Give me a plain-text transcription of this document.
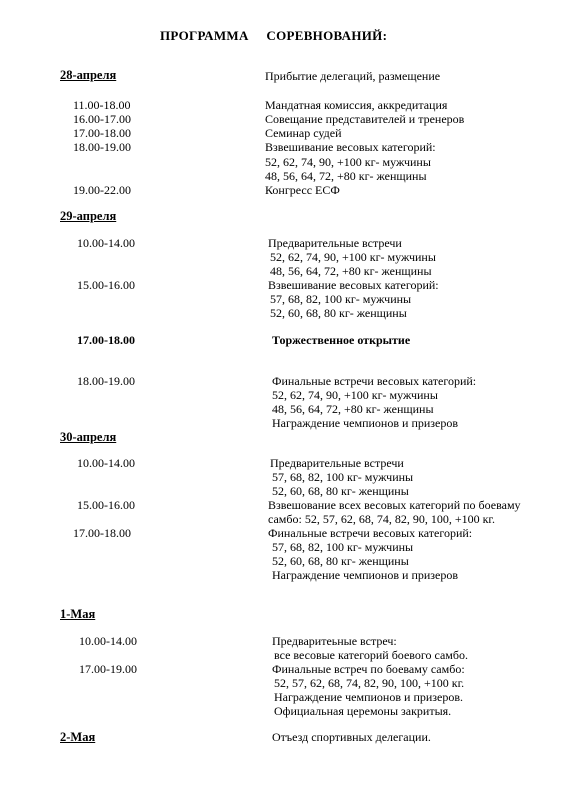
ПРОГРАММА     СОРЕВНОВАНИЙ:
28-апреля	Прибытие делегаций, размещение
11.00-18.00	Мандатная комиссия, аккредитация
16.00-17.00	Совещание представителей и тренеров
17.00-18.00	Семинар судей
18.00-19.00	Взвешивание весовых категорий:
52, 62, 74, 90, +100 кг- мужчины
48, 56, 64, 72, +80 кг- женщины
19.00-22.00	Конгресс ЕСФ
29-апреля
10.00-14.00	Предварительные встречи
52, 62, 74, 90, +100 кг- мужчины
48, 56, 64, 72, +80 кг- женщины
15.00-16.00	Взвешивание весовых категорий:
57, 68, 82, 100 кг- мужчины
52, 60, 68, 80 кг- женщины
17.00-18.00	Торжественное открытие
18.00-19.00	Финальные встречи весовых категорий:
52, 62, 74, 90, +100 кг- мужчины
48, 56, 64, 72, +80 кг- женщины
Награждение чемпионов и призеров
30-апреля
10.00-14.00	Предварительные встречи
57, 68, 82, 100 кг- мужчины
52, 60, 68, 80 кг- женщины
15.00-16.00	Взвешование всех весовых категорий по боеваму
самбо: 52, 57, 62, 68, 74, 82, 90, 100, +100 кг.
17.00-18.00	Финальные встречи весовых категорий:
57, 68, 82, 100 кг- мужчины
52, 60, 68, 80 кг- женщины
Награждение чемпионов и призеров
1-Мая
10.00-14.00	Предваритеьные встреч:
все весовые категорий боевого самбо.
17.00-19.00	Финальные встреч по боеваму самбо:
52, 57, 62, 68, 74, 82, 90, 100, +100 кг.
Награждение чемпионов и призеров.
Официальная церемоны закритыя.
2-Мая	Отъезд спортивных делегации.
